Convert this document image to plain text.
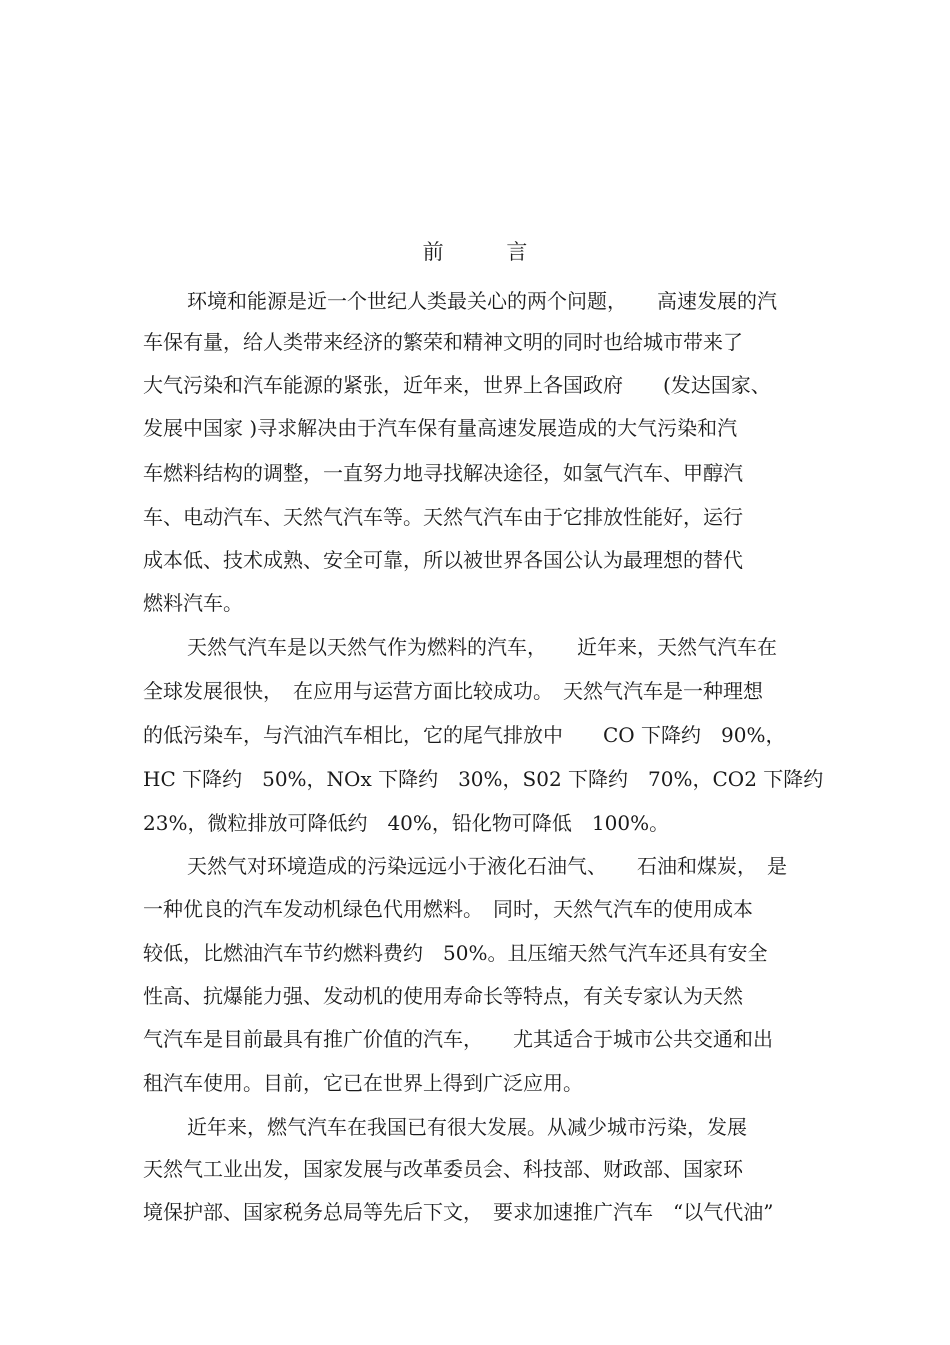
前 言
环境和能源是近一个世纪人类最关心的两个问题，　　高速发展的汽
车保有量，给人类带来经济的繁荣和精神文明的同时也给城市带来了
大气污染和汽车能源的紧张，近年来，世界上各国政府　　(发达国家、
发展中国家 )寻求解决由于汽车保有量高速发展造成的大气污染和汽
车燃料结构的调整，一直努力地寻找解决途径，如氢气汽车、甲醇汽
车、电动汽车、天然气汽车等。天然气汽车由于它排放性能好，运行
成本低、技术成熟、安全可靠，所以被世界各国公认为最理想的替代
燃料汽车。
天然气汽车是以天然气作为燃料的汽车，　　近年来，天然气汽车在
全球发展很快，　在应用与运营方面比较成功。　天然气汽车是一种理想
的低污染车，与汽油汽车相比，它的尾气排放中　　CO 下降约　90%，
HC 下降约　50%，NOx 下降约　30%，S02 下降约　70%，CO2 下降约
23%，微粒排放可降低约　40%，铅化物可降低　100%。
天然气对环境造成的污染远远小于液化石油气、　　石油和煤炭，　是
一种优良的汽车发动机绿色代用燃料。　同时，天然气汽车的使用成本
较低，比燃油汽车节约燃料费约　50%。且压缩天然气汽车还具有安全
性高、抗爆能力强、发动机的使用寿命长等特点，有关专家认为天然
气汽车是目前最具有推广价值的汽车，　　尤其适合于城市公共交通和出
租汽车使用。目前，它已在世界上得到广泛应用。
近年来，燃气汽车在我国已有很大发展。从减少城市污染，发展
天然气工业出发，国家发展与改革委员会、科技部、财政部、国家环
境保护部、国家税务总局等先后下文，　要求加速推广汽车　“以气代油”
